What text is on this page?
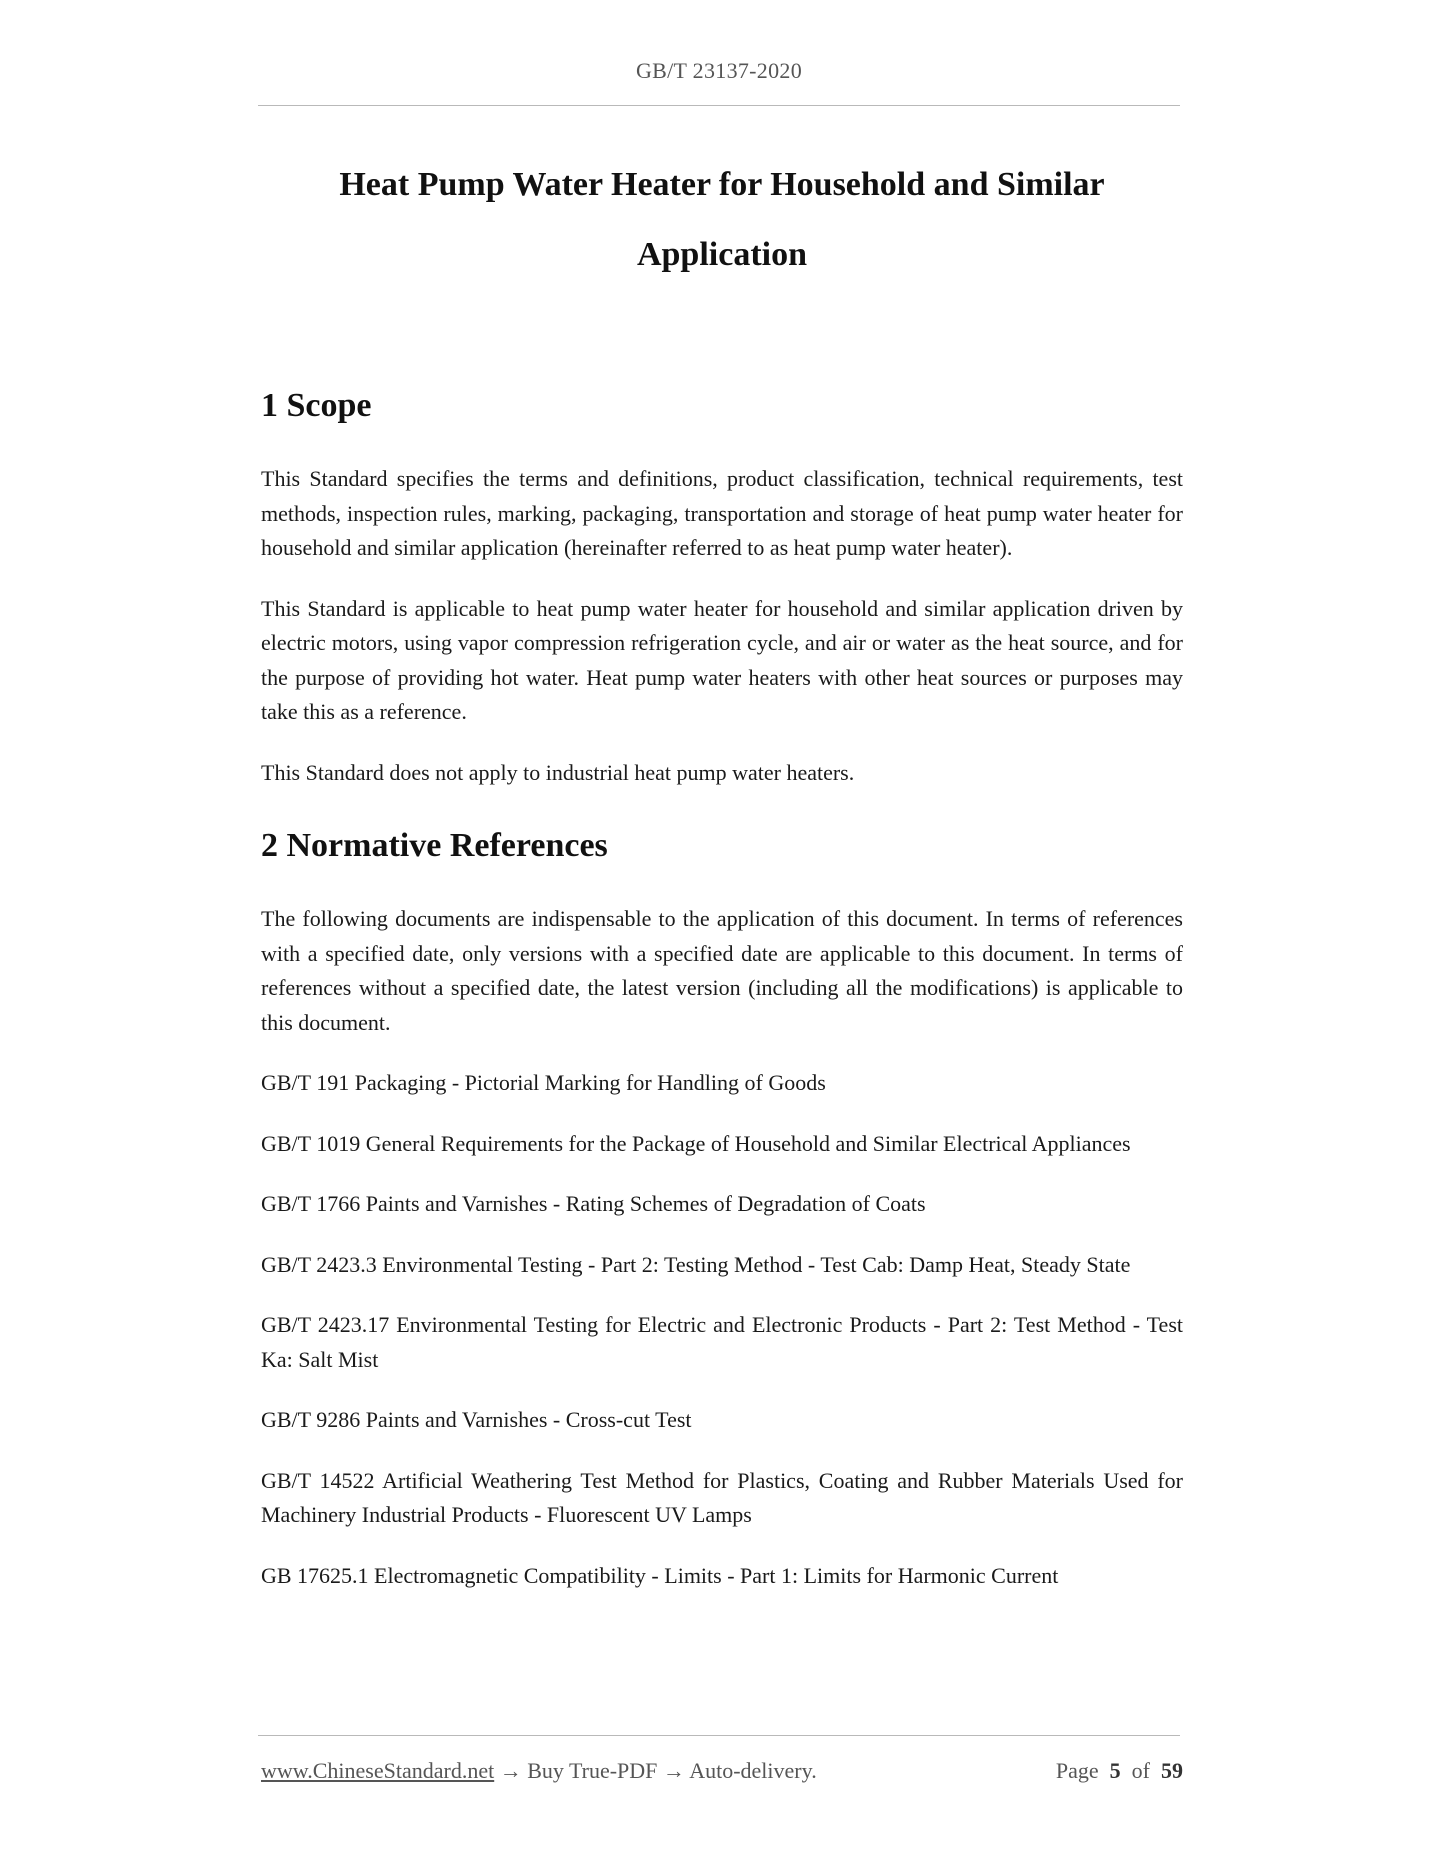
GB/T 23137-2020
Heat Pump Water Heater for Household and Similar
Application
1 Scope

This Standard specifies the terms and definitions, product classification, technical requirements, test methods, inspection rules, marking, packaging, transportation and storage of heat pump water heater for household and similar application (hereinafter referred to as heat pump water heater).

This Standard is applicable to heat pump water heater for household and similar application driven by electric motors, using vapor compression refrigeration cycle, and air or water as the heat source, and for the purpose of providing hot water. Heat pump water heaters with other heat sources or purposes may take this as a reference.

This Standard does not apply to industrial heat pump water heaters.

2 Normative References

The following documents are indispensable to the application of this document. In terms of references with a specified date, only versions with a specified date are applicable to this document. In terms of references without a specified date, the latest version (including all the modifications) is applicable to this document.

GB/T 191 Packaging - Pictorial Marking for Handling of Goods

GB/T 1019 General Requirements for the Package of Household and Similar Electrical Appliances

GB/T 1766 Paints and Varnishes - Rating Schemes of Degradation of Coats

GB/T 2423.3 Environmental Testing - Part 2: Testing Method - Test Cab: Damp Heat, Steady State

GB/T 2423.17 Environmental Testing for Electric and Electronic Products - Part 2: Test Method - Test Ka: Salt Mist

GB/T 9286 Paints and Varnishes - Cross-cut Test

GB/T 14522 Artificial Weathering Test Method for Plastics, Coating and Rubber Materials Used for Machinery Industrial Products - Fluorescent UV Lamps

GB 17625.1 Electromagnetic Compatibility - Limits - Part 1: Limits for Harmonic Current

www.ChineseStandard.net → Buy True-PDF → Auto-delivery.	Page 5 of 59
